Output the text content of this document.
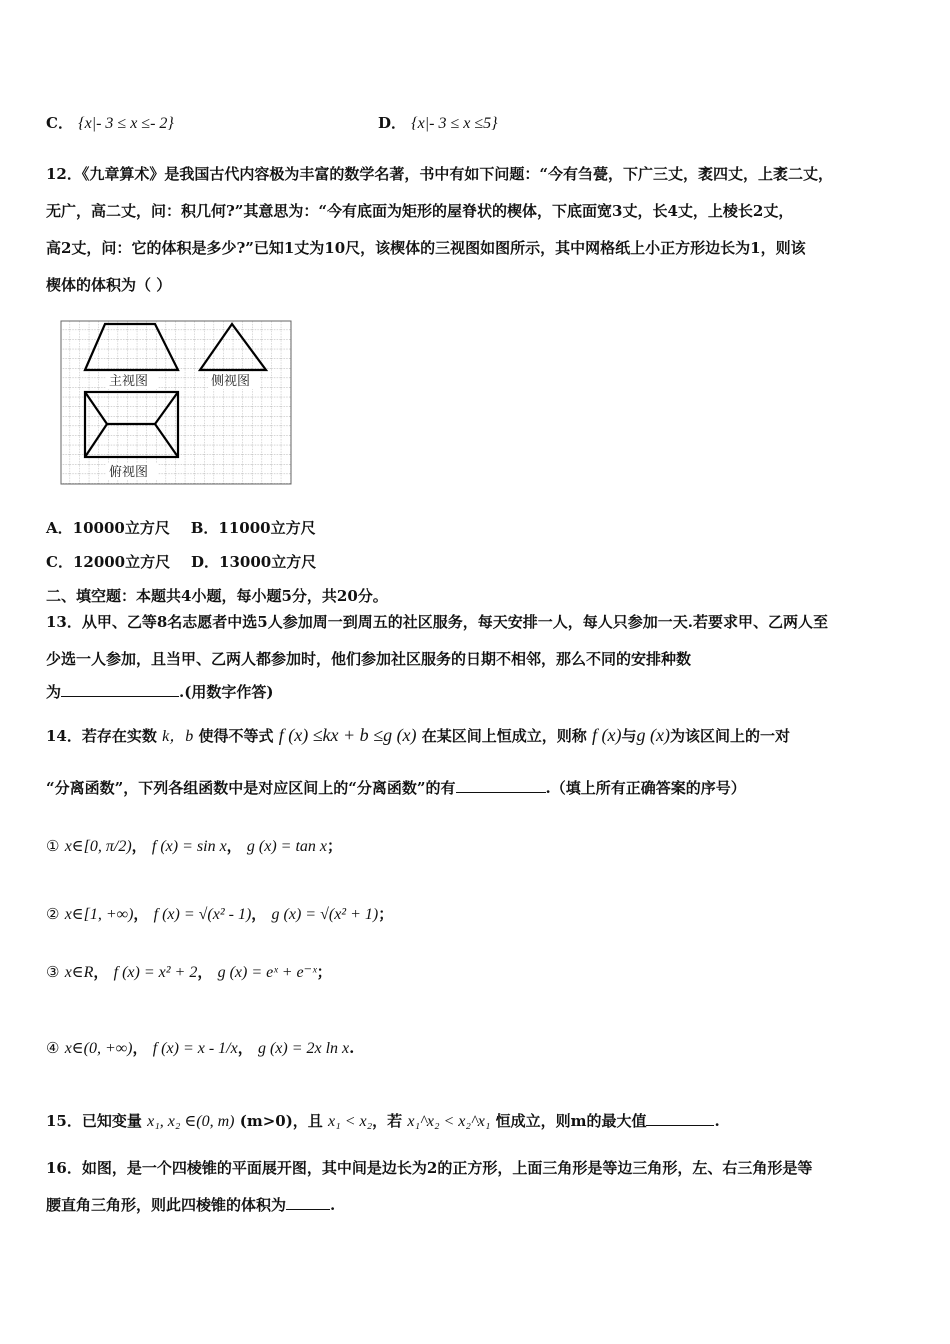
C． {x|- 3 ≤ x ≤- 2}	D． {x|- 3 ≤ x ≤5}
12．《九章算术》是我国古代内容极为丰富的数学名著，书中有如下问题：“今有刍甍，下广三丈，袤四丈，上袤二丈，
无广，高二丈，问：积几何?”其意思为：“今有底面为矩形的屋脊状的楔体，下底面宽3丈，长4丈，上棱长2丈，
高2丈，问：它的体积是多少?”已知1丈为10尺，该楔体的三视图如图所示，其中网格纸上小正方形边长为1，则该
楔体的体积为（ ）
主视图	侧视图
俯视图
A．10000立方尺 B．11000立方尺
C．12000立方尺 D．13000立方尺
二、填空题：本题共4小题，每小题5分，共20分。
13．从甲、乙等8名志愿者中选5人参加周一到周五的社区服务，每天安排一人，每人只参加一天.若要求甲、乙两人至
少选一人参加，且当甲、乙两人都参加时，他们参加社区服务的日期不相邻，那么不同的安排种数
为	.(用数字作答)
14．若存在实数 k，b 使得不等式 f (x) ≤kx + b ≤g (x) 在某区间上恒成立，则称 f (x)与g (x)为该区间上的一对
“分离函数”，下列各组函数中是对应区间上的“分离函数”的有	.（填上所有正确答案的序号）
① x∈[0, π/2)， f (x) = sin x， g (x) = tan x；
② x∈[1, +∞)， f (x) = √(x² - 1)， g (x) = √(x² + 1)；
③ x∈R， f (x) = x² + 2， g (x) = eˣ + e⁻ˣ；
④ x∈(0, +∞)， f (x) = x - 1/x， g (x) = 2x ln x.
15．已知变量 x₁, x₂ ∈(0, m) (m>0)，且 x₁ < x₂，若 x₁^x₂ < x₂^x₁ 恒成立，则m的最大值	.
16．如图，是一个四棱锥的平面展开图，其中间是边长为2的正方形，上面三角形是等边三角形，左、右三角形是等
腰直角三角形，则此四棱锥的体积为	.
